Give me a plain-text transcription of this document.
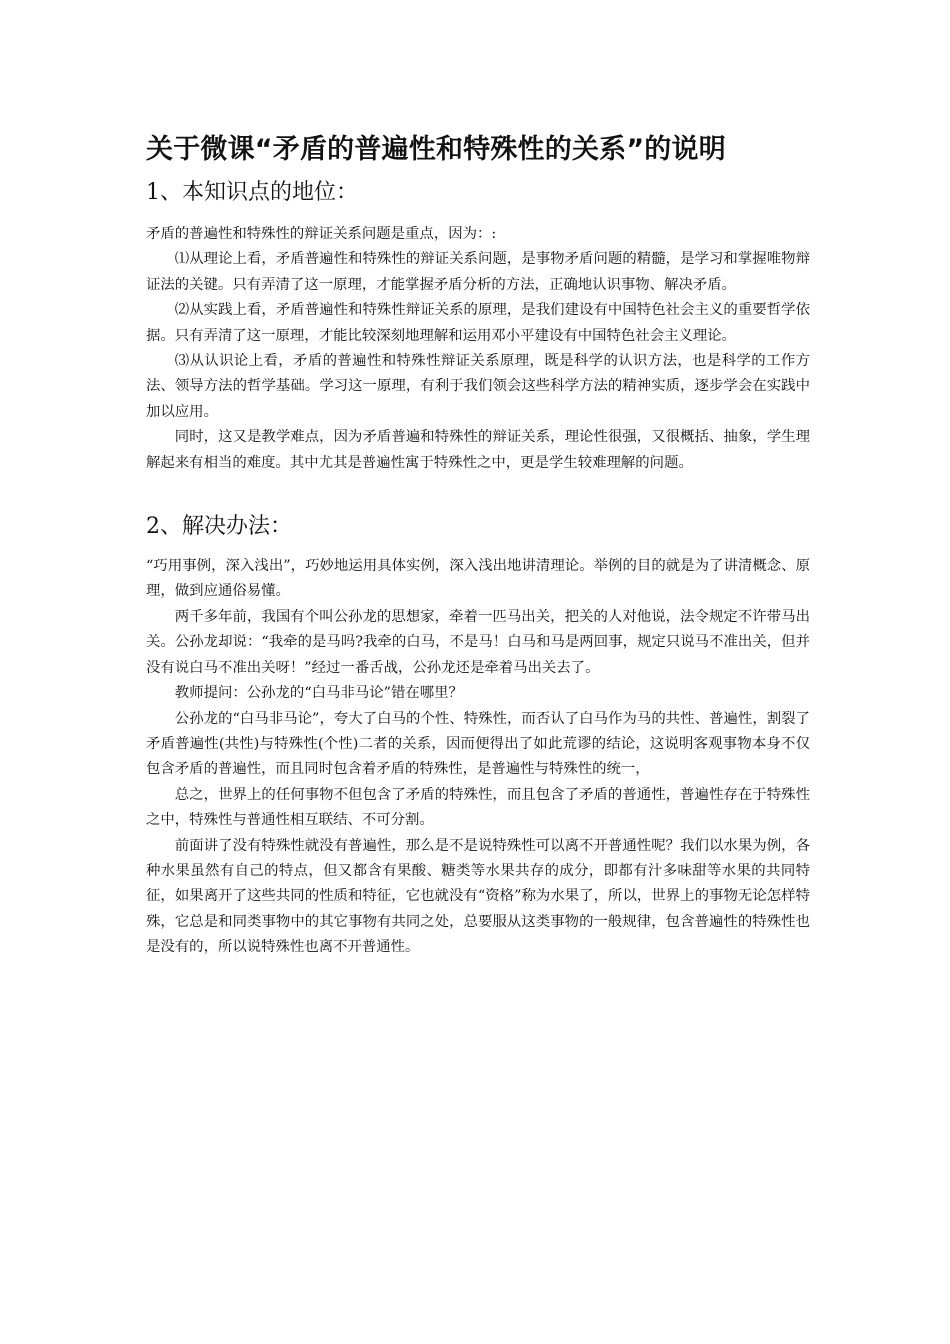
关于微课“矛盾的普遍性和特殊性的关系”的说明
1、本知识点的地位：

矛盾的普遍性和特殊性的辩证关系问题是重点，因为：:

⑴从理论上看，矛盾普遍性和特殊性的辩证关系问题，是事物矛盾问题的精髓，是学习和掌握唯物辩证法的关键。只有弄清了这一原理，才能掌握矛盾分析的方法，正确地认识事物、解决矛盾。

⑵从实践上看，矛盾普遍性和特殊性辩证关系的原理，是我们建设有中国特色社会主义的重要哲学依据。只有弄清了这一原理，才能比较深刻地理解和运用邓小平建设有中国特色社会主义理论。

⑶从认识论上看，矛盾的普遍性和特殊性辩证关系原理，既是科学的认识方法，也是科学的工作方法、领导方法的哲学基础。学习这一原理，有利于我们领会这些科学方法的精神实质，逐步学会在实践中加以应用。

同时，这又是教学难点，因为矛盾普遍和特殊性的辩证关系，理论性很强，又很概括、抽象，学生理解起来有相当的难度。其中尤其是普遍性寓于特殊性之中，更是学生较难理解的问题。

2、解决办法：

“巧用事例，深入浅出”，巧妙地运用具体实例，深入浅出地讲清理论。举例的目的就是为了讲清概念、原理，做到应通俗易懂。

两千多年前，我国有个叫公孙龙的思想家，牵着一匹马出关，把关的人对他说，法令规定不许带马出关。公孙龙却说：“我牵的是马吗?我牵的白马，不是马！白马和马是两回事，规定只说马不准出关，但并没有说白马不准出关呀！”经过一番舌战，公孙龙还是牵着马出关去了。

教师提问：公孙龙的“白马非马论”错在哪里？

公孙龙的“白马非马论”，夸大了白马的个性、特殊性，而否认了白马作为马的共性、普遍性，割裂了矛盾普遍性(共性)与特殊性(个性)二者的关系，因而便得出了如此荒谬的结论，这说明客观事物本身不仅包含矛盾的普遍性，而且同时包含着矛盾的特殊性，是普遍性与特殊性的统一，

总之，世界上的任何事物不但包含了矛盾的特殊性，而且包含了矛盾的普通性，普遍性存在于特殊性之中，特殊性与普通性相互联结、不可分割。

前面讲了没有特殊性就没有普遍性，那么是不是说特殊性可以离不开普通性呢？我们以水果为例，各种水果虽然有自己的特点，但又都含有果酸、糖类等水果共存的成分，即都有汁多味甜等水果的共同特征，如果离开了这些共同的性质和特征，它也就没有“资格”称为水果了，所以，世界上的事物无论怎样特殊，它总是和同类事物中的其它事物有共同之处，总要服从这类事物的一般规律，包含普遍性的特殊性也是没有的，所以说特殊性也离不开普通性。
